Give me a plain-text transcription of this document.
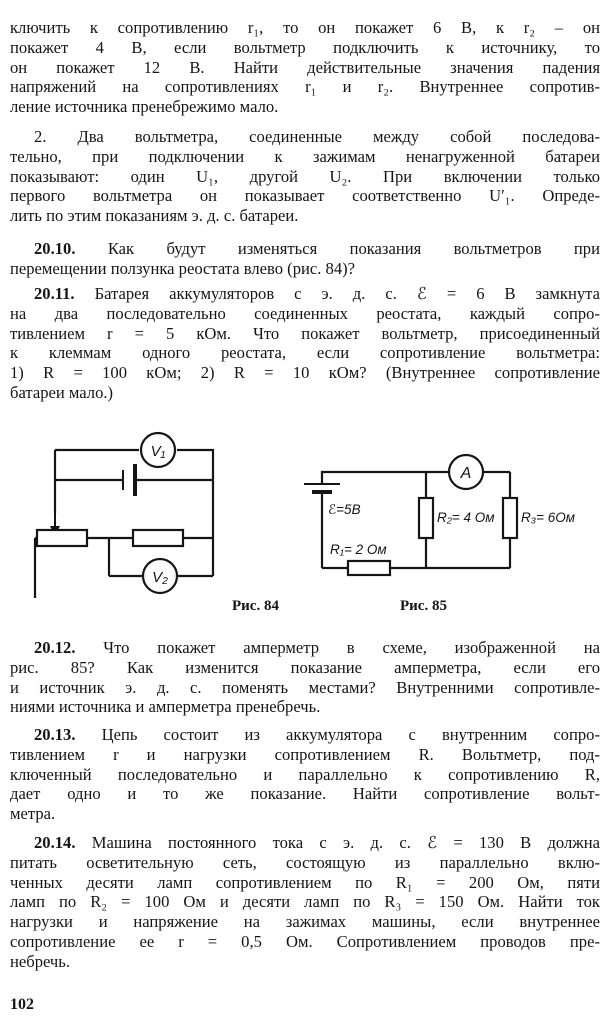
ключить к сопротивлению r₁, то он покажет 6 В, к r₂ – он
покажет 4 В, если вольтметр подключить к источнику, то
он покажет 12 В. Найти действительные значения падения
напряжений на сопротивлениях r₁ и r₂. Внутреннее сопротив-
ление источника пренебрежимо мало.
2. Два вольтметра, соединенные между собой последова-
тельно, при подключении к зажимам ненагруженной батареи
показывают: один U₁, другой U₂. При включении только
первого вольтметра он показывает соответственно U′₁. Опреде-
лить по этим показаниям э. д. с. батареи.
20.10. Как будут изменяться показания вольтметров при
перемещении ползунка реостата влево (рис. 84)?
20.11. Батарея аккумуляторов с э. д. с. ℰ = 6 В замкнута
на два последовательно соединенных реостата, каждый сопро-
тивлением r = 5 кОм. Что покажет вольтметр, присоединенный
к клеммам одного реостата, если сопротивление вольтметра:
1) R = 100 кОм; 2) R = 10 кОм? (Внутреннее сопротивление
батареи мало.)
V₁
V₂
Рис. 84
A
ℰ=5В
R₁= 2 Ом
R₂= 4 Ом R₃= 6Ом
Рис. 85
20.12. Что покажет амперметр в схеме, изображенной на
рис. 85? Как изменится показание амперметра, если его
и источник э. д. с. поменять местами? Внутренними сопротивле-
ниями источника и амперметра пренебречь.
20.13. Цепь состоит из аккумулятора с внутренним сопро-
тивлением r и нагрузки сопротивлением R. Вольтметр, под-
ключенный последовательно и параллельно к сопротивлению R,
дает одно и то же показание. Найти сопротивление вольт-
метра.
20.14. Машина постоянного тока с э. д. с. ℰ = 130 В должна
питать осветительную сеть, состоящую из параллельно вклю-
ченных десяти ламп сопротивлением по R₁ = 200 Ом, пяти
ламп по R₂ = 100 Ом и десяти ламп по R₃ = 150 Ом. Найти ток
нагрузки и напряжение на зажимах машины, если внутреннее
сопротивление ее r = 0,5 Ом. Сопротивлением проводов пре-
небречь.
102
